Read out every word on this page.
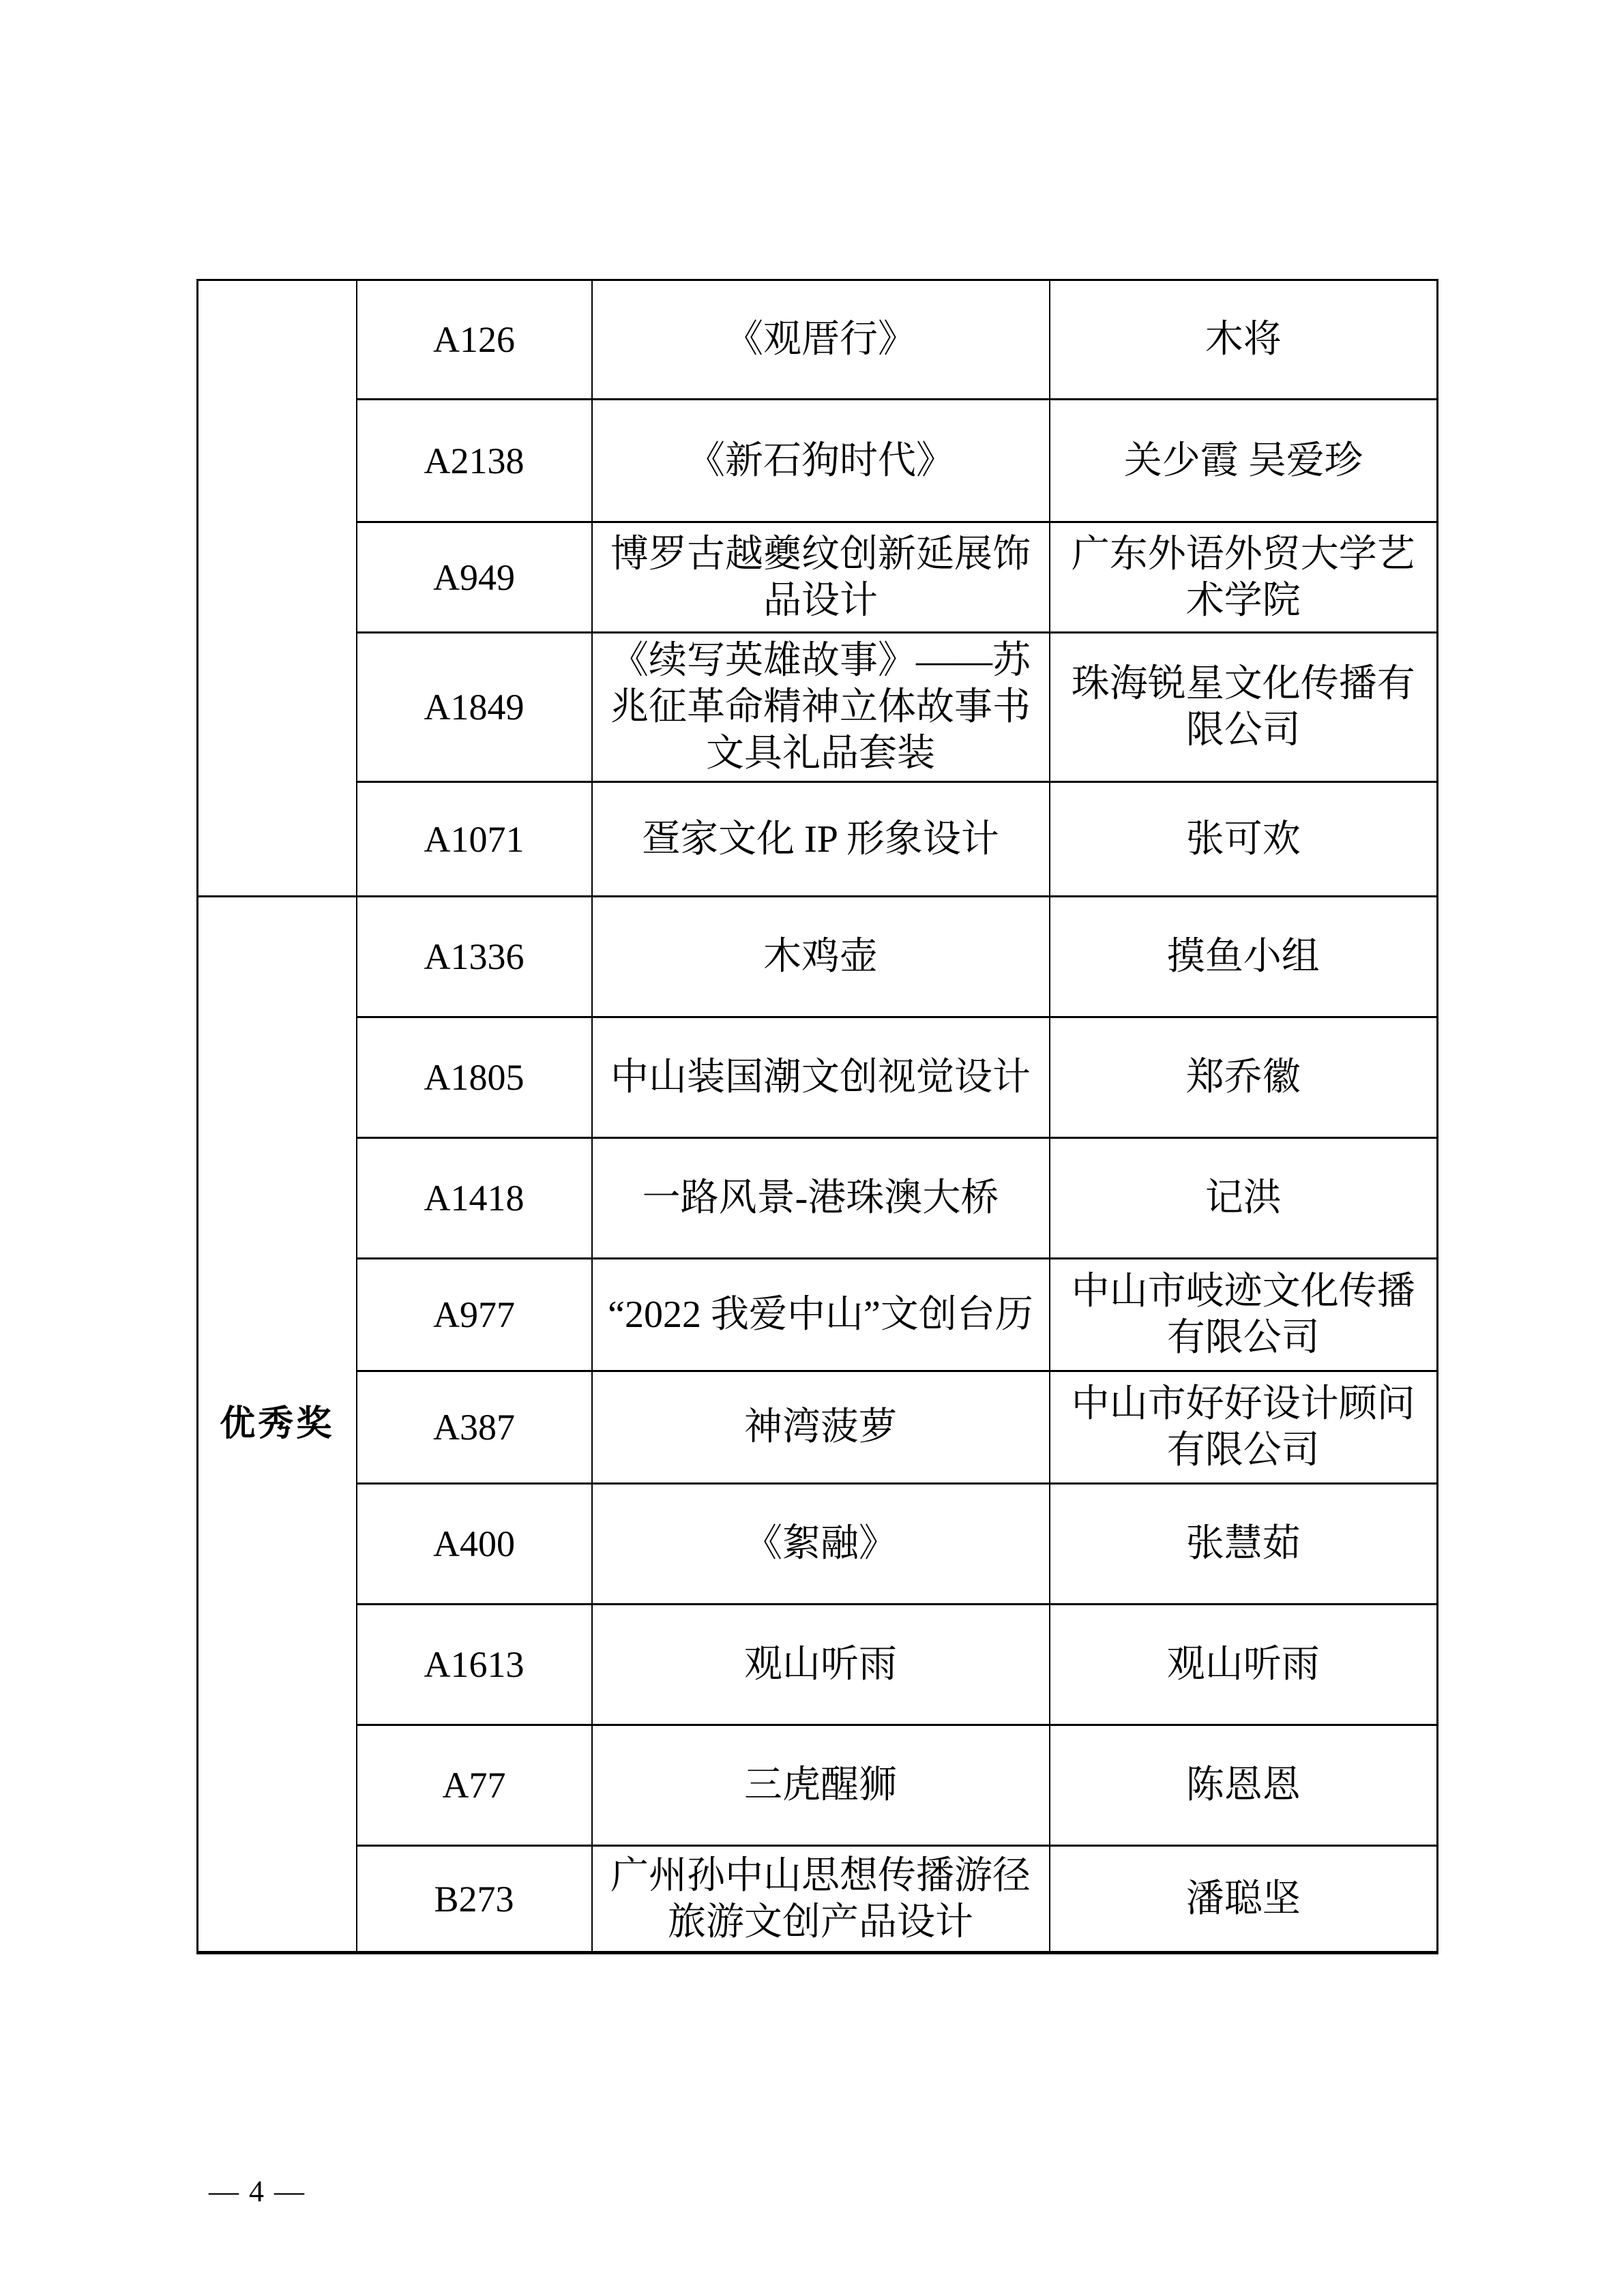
	A126	《观厝行》	木将
	A2138	《新石狗时代》	关少霞 吴爱珍
	A949	博罗古越夔纹创新延展饰品设计	广东外语外贸大学艺术学院
	A1849	《续写英雄故事》——苏兆征革命精神立体故事书文具礼品套装	珠海锐星文化传播有限公司
	A1071	疍家文化 IP 形象设计	张可欢
优秀奖	A1336	木鸡壶	摸鱼小组
	A1805	中山装国潮文创视觉设计	郑乔徽
	A1418	一路风景-港珠澳大桥	记洪
	A977	“2022 我爱中山”文创台历	中山市岐迹文化传播有限公司
	A387	神湾菠萝	中山市好好设计顾问有限公司
	A400	《絮融》	张慧茹
	A1613	观山听雨	观山听雨
	A77	三虎醒狮	陈恩恩
	B273	广州孙中山思想传播游径旅游文创产品设计	潘聪坚
— 4 —
